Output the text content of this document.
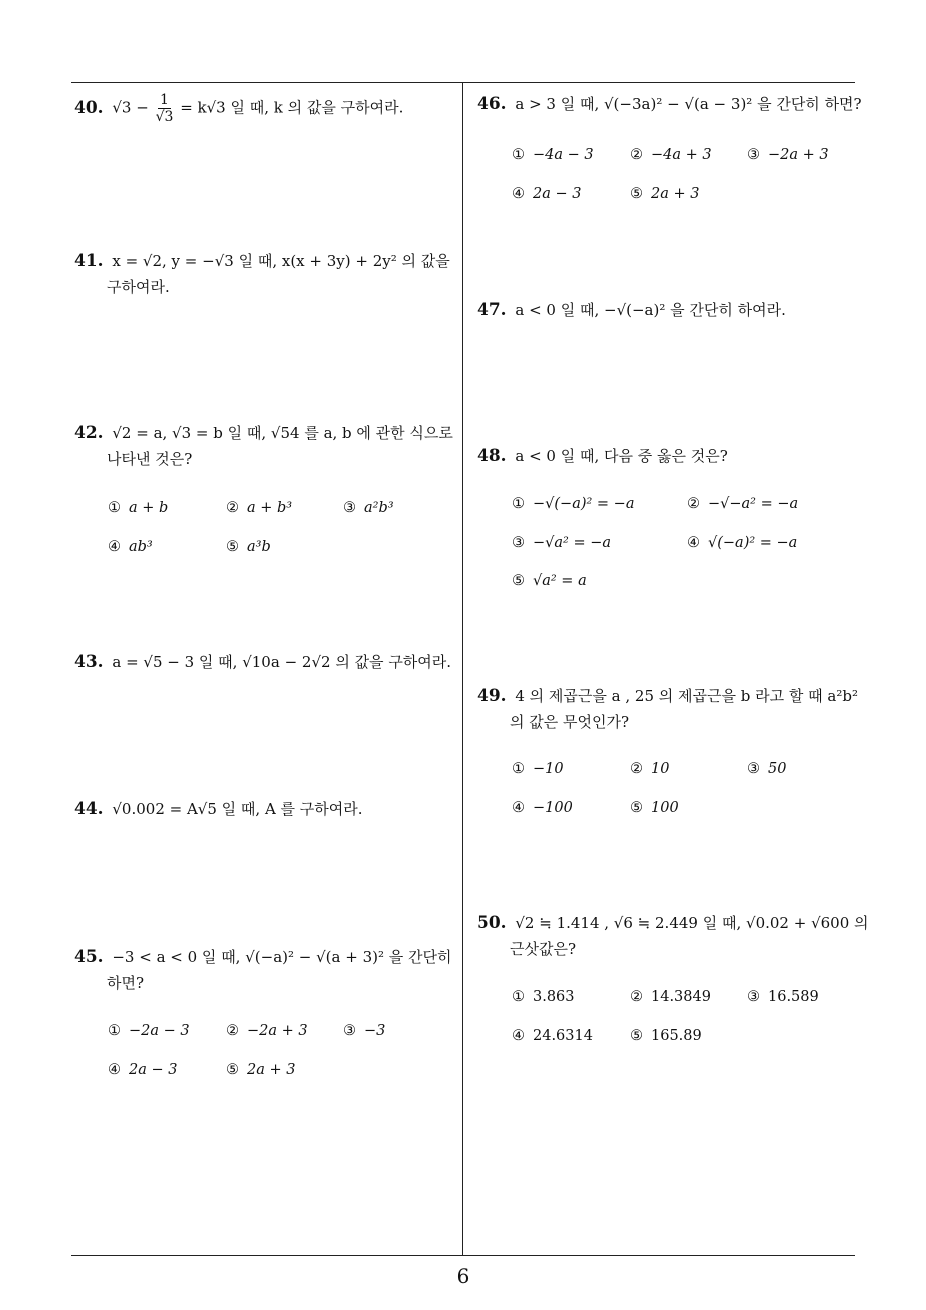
40. $√3 - \frac{1}{√3} = k√3$ 일 때, k 의 값을 구하여라.
41. x = √2, y = −√3 일 때, x(x + 3y) + 2y² 의 값을
구하여라.
42. √2 = a, √3 = b 일 때, √54 를 a, b 에 관한 식으로
나타낸 것은?
① a + b	② a + b³	③ a²b³
④ ab³	⑤ a³b
43. a = √5 − 3 일 때, √10a − 2√2 의 값을 구하여라.
44. √0.002 = A√5 일 때, A 를 구하여라.
45. −3 < a < 0 일 때, √(−a)² − √(a + 3)² 을 간단히
하면?
① −2a − 3	② −2a + 3 ③ −3
④ 2a − 3	⑤ 2a + 3
46. a > 3 일 때, √(−3a)² − √(a − 3)² 을 간단히 하면?
① −4a − 3	② −4a + 3 ③ −2a + 3
④ 2a − 3	⑤ 2a + 3
47. a < 0 일 때, −√(−a)² 을 간단히 하여라.
48. a < 0 일 때, 다음 중 옳은 것은?
① −√(−a)² = −a	② −√−a² = −a
③ −√a² = −a	④ √(−a)² = −a
⑤ √a² = a
49. 4 의 제곱근을 a , 25 의 제곱근을 b 라고 할 때 a²b²
의 값은 무엇인가?
① −10	② 10	③ 50
④ −100	⑤ 100
50. √2 ≒ 1.414 , √6 ≒ 2.449 일 때, √0.02 + √600 의
근삿값은?
① 3.863	② 14.3849 ③ 16.589
④ 24.6314	⑤ 165.89
6
